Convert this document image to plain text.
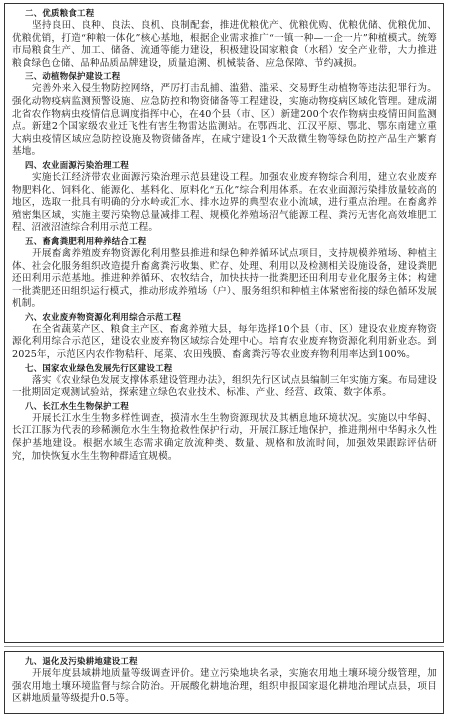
二、优质粮食工程

坚持良田、良种、良法、良机、良制配套，推进优粮优产、优粮优购、优粮优储、优粮优加、优粮优销，打造“种粮一体化”核心基地，根据企业需求推广“一镇一种—一企一片”种植模式。统筹市局粮食生产、加工、储备、流通等能力建设，积极建设国家粮食（水稻）安全产业带，大力推进粮食绿色仓储、品种品质品牌建设，质量追溯、机械装备、应急保障、节约减损。

三、动植物保护建设工程

完善外来入侵生物防控网络，严厉打击乱捕、滥猎、滥采、交易野生动植物等违法犯罪行为。强化动物疫病监测预警设施、应急防控和物资储备等工程建设，实施动物疫病区域化管理。建成湖北省农作物病虫疫情信息调度指挥中心，在40个县（市、区）新建200个农作物病虫疫情田间监测点。新建2个国家级农业迁飞性有害生物雷达监测站。在鄂西北、江汉平原、鄂北、鄂东南建立重大病虫疫情区域应急防控设施及物资储备库，在咸宁建设1个天敌微生物等绿色防控产品生产繁育基地。

四、农业面源污染治理工程

实施长江经济带农业面源污染治理示范县建设工程。加强农业废弃物综合利用，建立农业废弃物肥料化、饲料化、能源化、基料化、原料化“五化”综合利用体系。在农业面源污染排放量较高的地区，选取一批具有明确的分水岭或汇水、排水边界的典型农业小流域，进行重点治理。在畜禽养殖密集区域，实施主要污染物总量减排工程、规模化养殖场沼气能源工程、粪污无害化高效堆肥工程、沼液沼渣综合利用示范工程。

五、畜禽粪肥利用种养结合工程

开展畜禽养殖废弃物资源化利用整县推进和绿色种养循环试点项目，支持规模养殖场、种植主体、社会化服务组织改造提升畜禽粪污收集、贮存、处理、利用以及检测相关设施设备，建设粪肥还田利用示范基地。推进种养循环、农牧结合，加快扶持一批粪肥还田利用专业化服务主体；构建一批粪肥还田组织运行模式，推动形成养殖场（户）、服务组织和种植主体紧密衔接的绿色循环发展机制。

六、农业废弃物资源化利用综合示范工程

在全省蔬菜产区、粮食主产区、畜禽养殖大县，每年选择10个县（市、区）建设农业废弃物资源化利用综合示范区，建设农业废弃物区域综合处理中心。培育农业废弃物资源化利用新业态。到2025年，示范区内农作物秸秆、尾菜、农田残膜、畜禽粪污等农业废弃物利用率达到100%。

七、国家农业绿色发展先行区建设工程

落实《农业绿色发展支撑体系建设管理办法》，组织先行区试点县编制三年实施方案。布局建设一批期固定观测试验站，探索建立绿色农业技术、标准、产业、经营、政策、数字体系。

八、长江水生生物保护工程

开展长江水生生物多样性调查，摸清水生生物资源现状及其栖息地环境状况。实施以中华鲟、长江江豚为代表的珍稀濒危水生生物抢救性保护行动，开展江豚迁地保护，推进荆州中华鲟永久性保护基地建设。根据水域生态需求确定放流种类、数量、规格和放流时间，加强效果跟踪评估研究，加快恢复水生生物种群适宜规模。

九、退化及污染耕地建设工程

开展年度县域耕地质量等级调查评价。建立污染地块名录，实施农用地土壤环境分级管理，加强农用地土壤环境监督与综合防治。开展酸化耕地治理，组织申报国家退化耕地治理试点县，项目区耕地质量等级提升0.5等。
